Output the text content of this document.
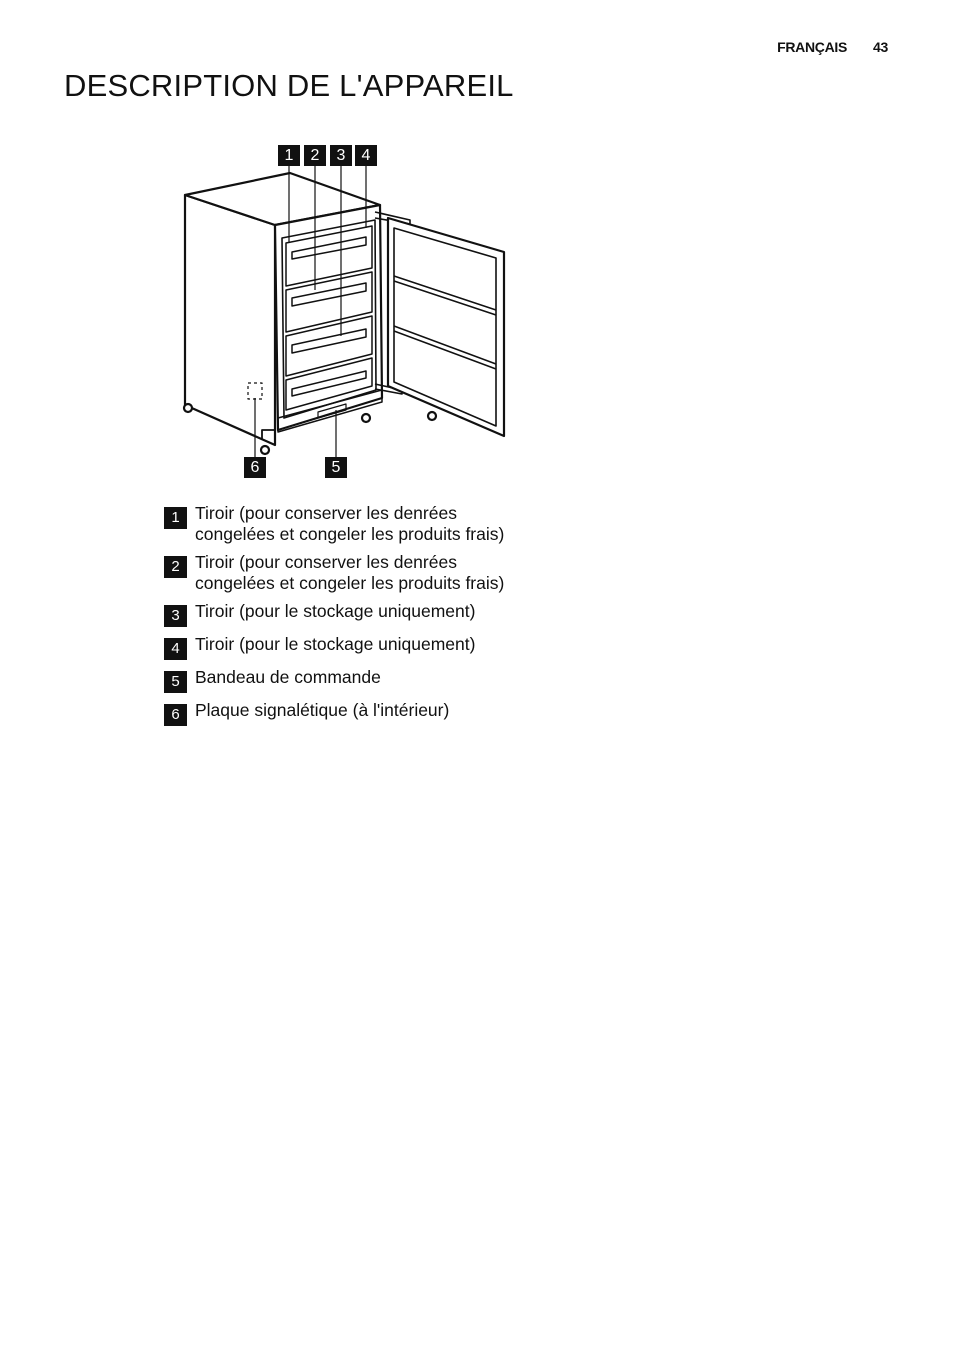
FRANÇAIS 43
DESCRIPTION DE L'APPAREIL
1	2	3	4
6	5
1 Tiroir (pour conserver les denrées congelées et congeler les produits frais)
2 Tiroir (pour conserver les denrées congelées et congeler les produits frais)
3 Tiroir (pour le stockage uniquement)
4 Tiroir (pour le stockage uniquement)
5 Bandeau de commande
6 Plaque signalétique (à l'intérieur)
